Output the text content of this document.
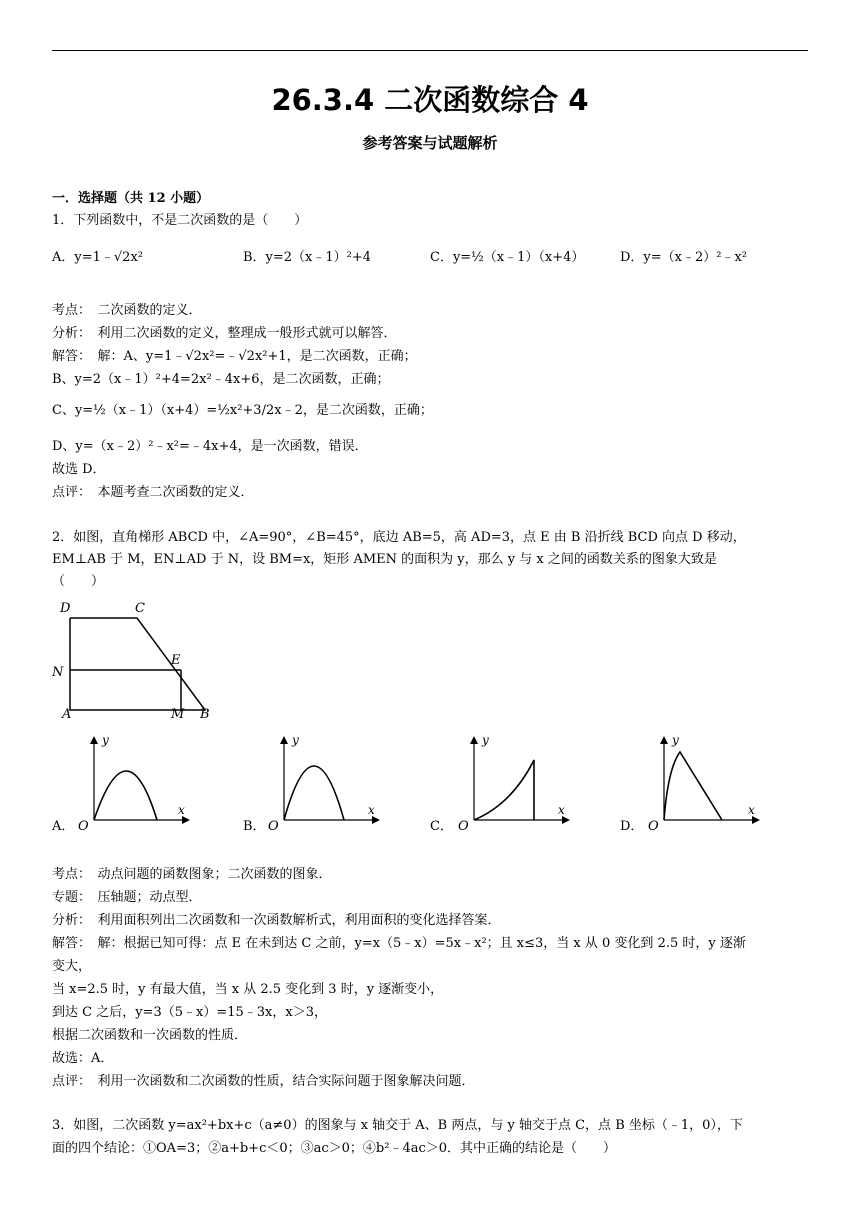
26.3.4 二次函数综合 4
参考答案与试题解析
一．选择题（共 12 小题）
1．下列函数中，不是二次函数的是（　　）
A．y=1﹣√2x²	B．y=2（x﹣1）²+4	C．y=½（x﹣1）（x+4）	D．y=（x﹣2）²﹣x²
考点：　二次函数的定义．
分析：　利用二次函数的定义，整理成一般形式就可以解答．
解答：　解：A、y=1﹣√2x²=﹣√2x²+1，是二次函数，正确；
B、y=2（x﹣1）²+4=2x²﹣4x+6，是二次函数，正确；
C、y=½（x﹣1）（x+4）=½x²+3/2x﹣2，是二次函数，正确；
D、y=（x﹣2）²﹣x²=﹣4x+4，是一次函数，错误．
故选 D．
点评：　本题考查二次函数的定义．
2．如图，直角梯形 ABCD 中，∠A=90°，∠B=45°，底边 AB=5，高 AD=3，点 E 由 B 沿折线 BCD 向点 D 移动，
EM⊥AB 于 M，EN⊥AD 于 N，设 BM=x，矩形 AMEN 的面积为 y，那么 y 与 x 之间的函数关系的图象大致是
（　　）
D	C
N
E
A	M B
A．
y
x
O	B．
y
x
O	C．
y
x
O	D．
y
x
O
考点：　动点问题的函数图象；二次函数的图象．
专题：　压轴题；动点型．
分析：　利用面积列出二次函数和一次函数解析式，利用面积的变化选择答案．
解答：　解：根据已知可得：点 E 在未到达 C 之前，y=x（5﹣x）=5x﹣x²；且 x≤3，当 x 从 0 变化到 2.5 时，y 逐渐
变大，
当 x=2.5 时，y 有最大值，当 x 从 2.5 变化到 3 时，y 逐渐变小，
到达 C 之后，y=3（5﹣x）=15﹣3x，x＞3，
根据二次函数和一次函数的性质．
故选：A．
点评：　利用一次函数和二次函数的性质，结合实际问题于图象解决问题．
3．如图，二次函数 y=ax²+bx+c（a≠0）的图象与 x 轴交于 A、B 两点，与 y 轴交于点 C，点 B 坐标（﹣1，0），下
面的四个结论：①OA=3；②a+b+c＜0；③ac＞0；④b²﹣4ac＞0．其中正确的结论是（　　）
